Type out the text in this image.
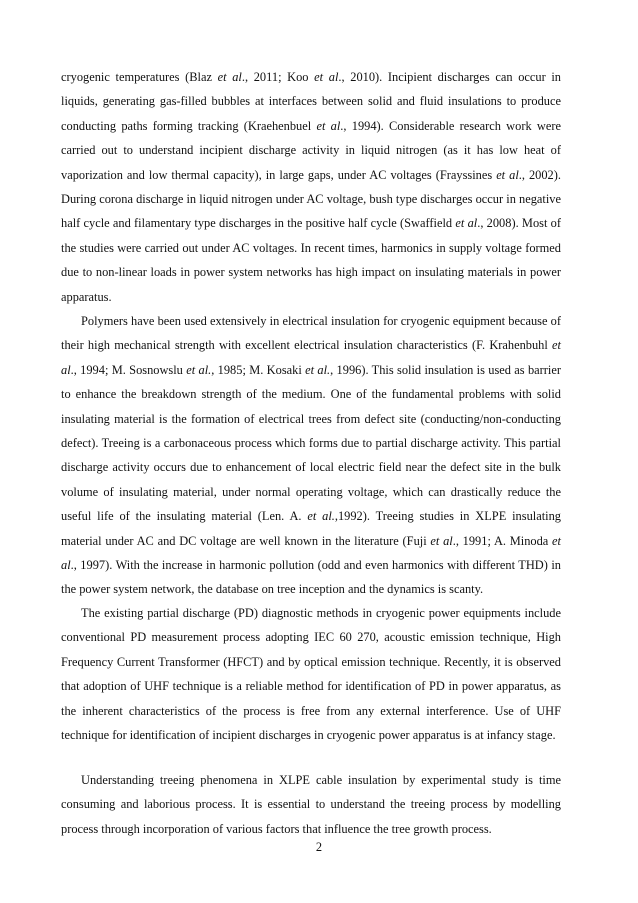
cryogenic temperatures (Blaz et al., 2011; Koo et al., 2010). Incipient discharges can occur in liquids, generating gas-filled bubbles at interfaces between solid and fluid insulations to produce conducting paths forming tracking (Kraehenbuel et al., 1994). Considerable research work were carried out to understand incipient discharge activity in liquid nitrogen (as it has low heat of vaporization and low thermal capacity), in large gaps, under AC voltages (Frayssines et al., 2002). During corona discharge in liquid nitrogen under AC voltage, bush type discharges occur in negative half cycle and filamentary type discharges in the positive half cycle (Swaffield et al., 2008). Most of the studies were carried out under AC voltages. In recent times, harmonics in supply voltage formed due to non-linear loads in power system networks has high impact on insulating materials in power apparatus.

Polymers have been used extensively in electrical insulation for cryogenic equipment because of their high mechanical strength with excellent electrical insulation characteristics (F. Krahenbuhl et al., 1994; M. Sosnowslu et al., 1985; M. Kosaki et al., 1996). This solid insulation is used as barrier to enhance the breakdown strength of the medium. One of the fundamental problems with solid insulating material is the formation of electrical trees from defect site (conducting/non-conducting defect). Treeing is a carbonaceous process which forms due to partial discharge activity. This partial discharge activity occurs due to enhancement of local electric field near the defect site in the bulk volume of insulating material, under normal operating voltage, which can drastically reduce the useful life of the insulating material (Len. A. et al.,1992). Treeing studies in XLPE insulating material under AC and DC voltage are well known in the literature (Fuji et al., 1991; A. Minoda et al., 1997). With the increase in harmonic pollution (odd and even harmonics with different THD) in the power system network, the database on tree inception and the dynamics is scanty.

The existing partial discharge (PD) diagnostic methods in cryogenic power equipments include conventional PD measurement process adopting IEC 60 270, acoustic emission technique, High Frequency Current Transformer (HFCT) and by optical emission technique. Recently, it is observed that adoption of UHF technique is a reliable method for identification of PD in power apparatus, as the inherent characteristics of the process is free from any external interference. Use of UHF technique for identification of incipient discharges in cryogenic power apparatus is at infancy stage.

Understanding treeing phenomena in XLPE cable insulation by experimental study is time consuming and laborious process. It is essential to understand the treeing process by modelling process through incorporation of various factors that influence the tree growth process.

2
